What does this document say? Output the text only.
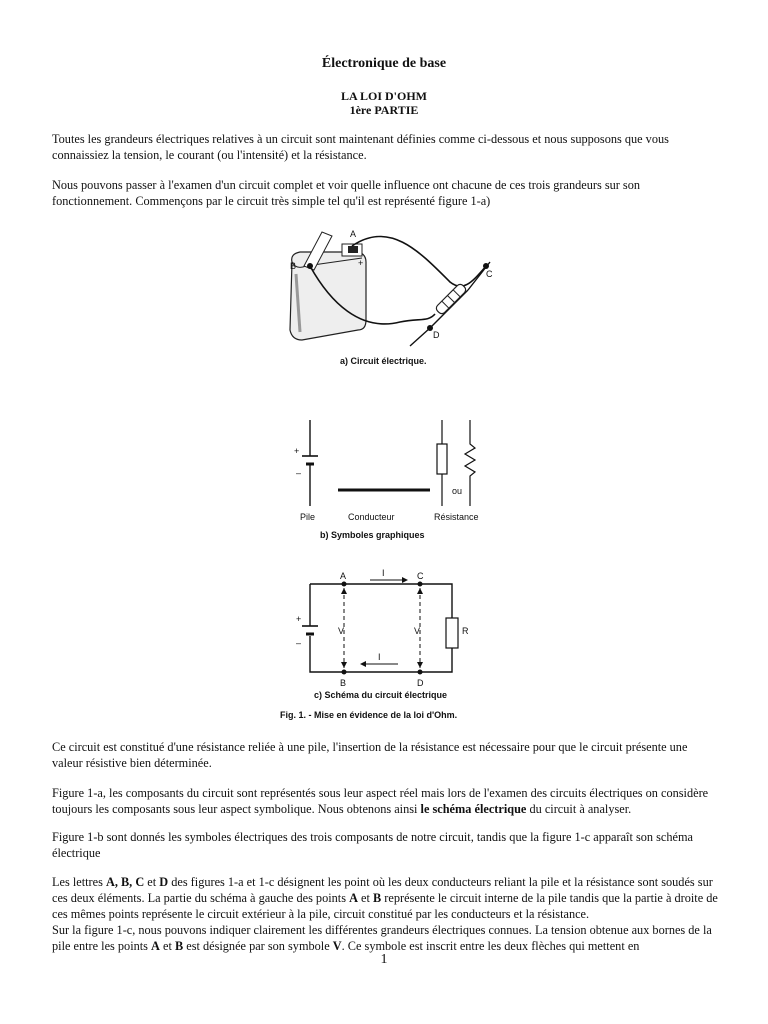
Électronique de base
LA LOI D'OHM
1ère PARTIE
Toutes les grandeurs électriques relatives à un circuit sont maintenant définies comme ci-dessous et nous supposons que vous connaissiez la tension, le courant (ou l'intensité) et la résistance.
Nous pouvons passer à l'examen d'un circuit complet et voir quelle influence ont chacune de ces trois grandeurs sur son fonctionnement. Commençons par le circuit très simple tel qu'il est représenté figure 1-a)
A
B
C
D
+
a) Circuit électrique.
+
–
ou
Pile	Conducteur	Résistance
b) Symboles graphiques
+
–
R
A	C
B	D
V	V
I
I
c) Schéma du circuit électrique
Fig. 1. - Mise en évidence de la loi d'Ohm.
Ce circuit est constitué d'une résistance reliée à une pile, l'insertion de la résistance est nécessaire pour que le circuit présente une valeur résistive bien déterminée.
Figure 1-a, les composants du circuit sont représentés sous leur aspect réel mais lors de l'examen des circuits électriques on considère toujours les composants sous leur aspect symbolique. Nous obtenons ainsi le schéma électrique du circuit à analyser.
Figure 1-b sont donnés les symboles électriques des trois composants de notre circuit, tandis que la figure 1-c apparaît son schéma électrique
Les lettres A, B, C et D des figures 1-a et 1-c désignent les point où les deux conducteurs reliant la pile et la résistance sont soudés sur ces deux éléments. La partie du schéma à gauche des points A et B représente le circuit interne de la pile tandis que la partie à droite de ces mêmes points représente le circuit extérieur à la pile, circuit constitué par les conducteurs et la résistance.
Sur la figure 1-c, nous pouvons indiquer clairement les différentes grandeurs électriques connues. La tension obtenue aux bornes de la pile entre les points A et B est désignée par son symbole V. Ce symbole est inscrit entre les deux flèches qui mettent en
1
